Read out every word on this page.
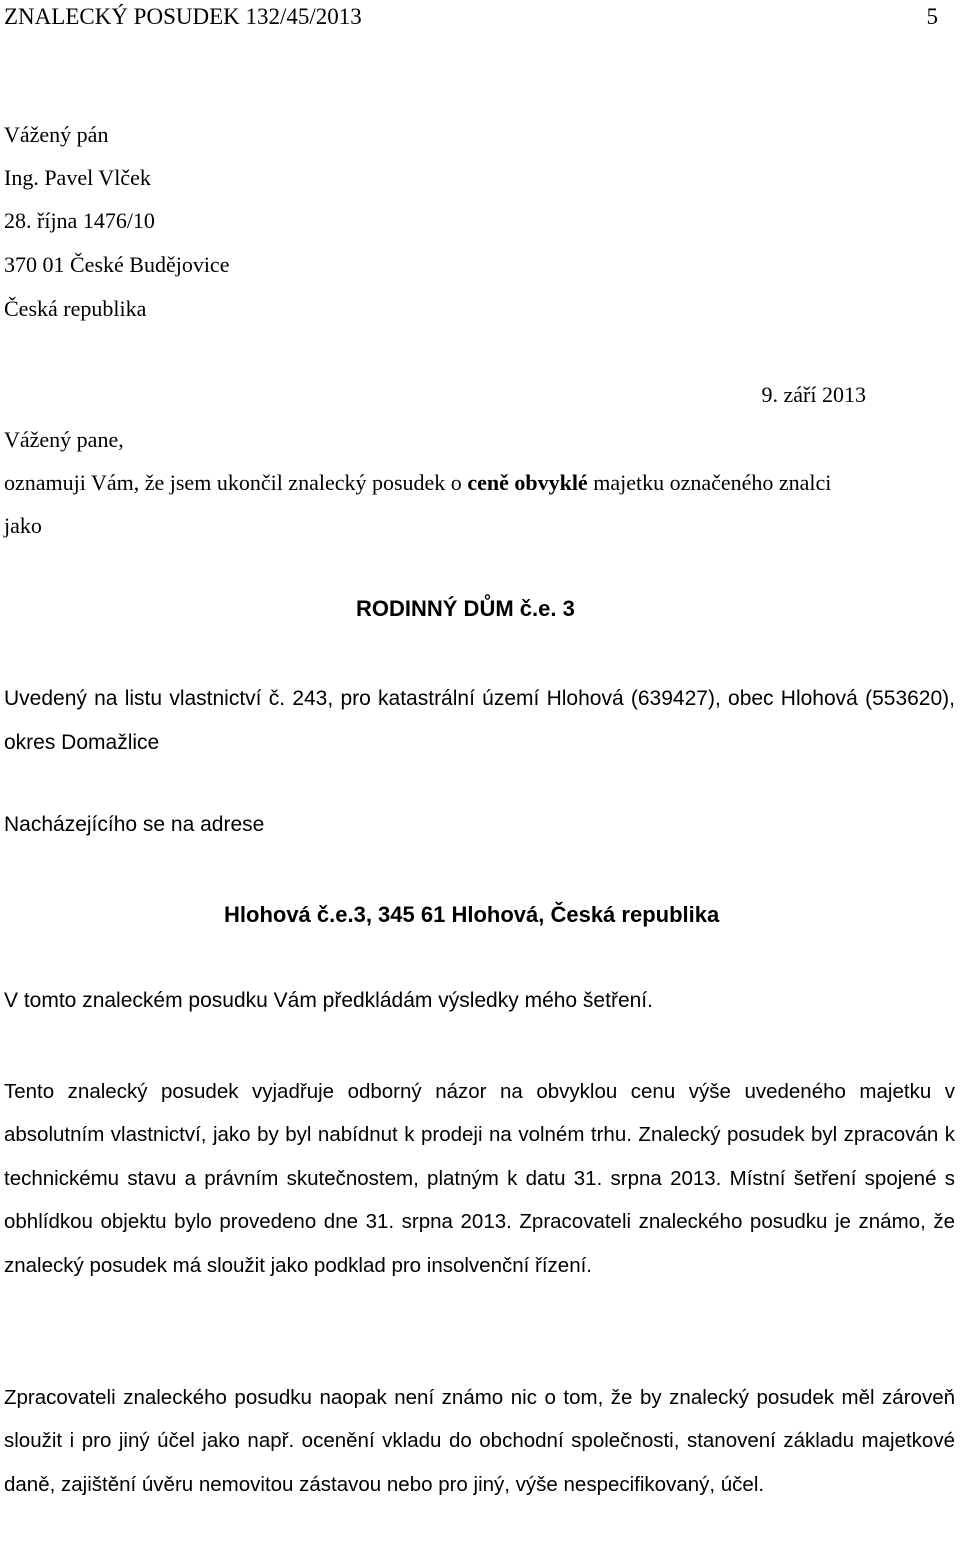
ZNALECKÝ POSUDEK 132/45/2013	5
Vážený pán
Ing. Pavel Vlček
28. října 1476/10
370 01 České Budějovice
Česká republika
9. září 2013
Vážený pane,
oznamuji Vám, že jsem ukončil znalecký posudek o ceně obvyklé majetku označeného znalci
jako
RODINNÝ DŮM č.e. 3
Uvedený na listu vlastnictví č. 243, pro katastrální území Hlohová (639427), obec Hlohová (553620), okres Domažlice
Nacházejícího se na adrese
Hlohová č.e.3, 345 61 Hlohová, Česká republika
V tomto znaleckém posudku Vám předkládám výsledky mého šetření.
Tento znalecký posudek vyjadřuje odborný názor na obvyklou cenu výše uvedeného majetku v absolutním vlastnictví, jako by byl nabídnut k prodeji na volném trhu. Znalecký posudek byl zpracován k technickému stavu a právním skutečnostem, platným k datu 31. srpna 2013. Místní šetření spojené s obhlídkou objektu bylo provedeno dne 31. srpna 2013. Zpracovateli znaleckého posudku je známo, že znalecký posudek má sloužit jako podklad pro insolvenční řízení.
Zpracovateli znaleckého posudku naopak není známo nic o tom, že by znalecký posudek měl zároveň sloužit i pro jiný účel jako např. ocenění vkladu do obchodní společnosti, stanovení základu majetkové daně, zajištění úvěru nemovitou zástavou nebo pro jiný, výše nespecifikovaný, účel.
